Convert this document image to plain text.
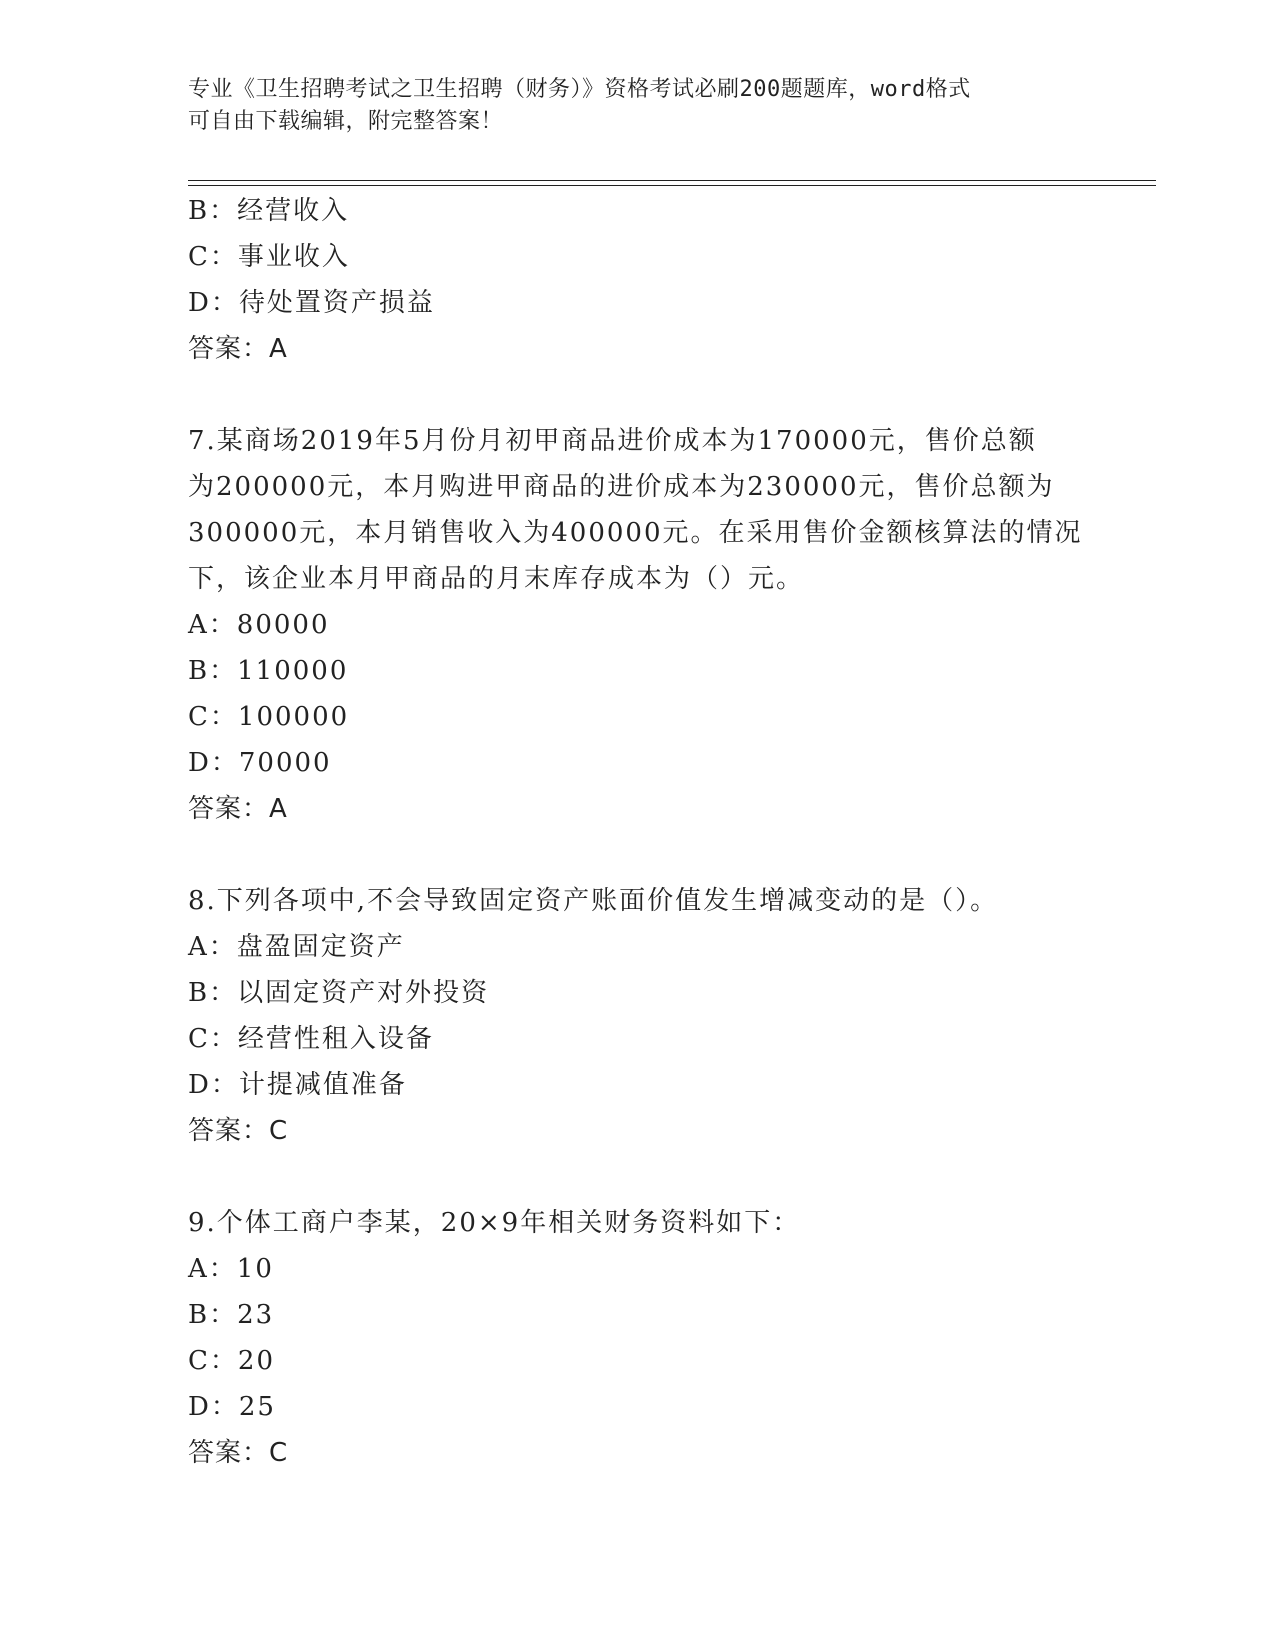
专业《卫生招聘考试之卫生招聘（财务）》资格考试必刷200题题库，word格式
可自由下载编辑，附完整答案！
B：经营收入
C：事业收入
D：待处置资产损益
答案：A
7.某商场2019年5月份月初甲商品进价成本为170000元，售价总额
为200000元，本月购进甲商品的进价成本为230000元，售价总额为
300000元，本月销售收入为400000元。在采用售价金额核算法的情况
下，该企业本月甲商品的月末库存成本为（）元。
A：80000
B：110000
C：100000
D：70000
答案：A
8.下列各项中,不会导致固定资产账面价值发生增减变动的是（）。
A：盘盈固定资产
B：以固定资产对外投资
C：经营性租入设备
D：计提减值准备
答案：C
9.个体工商户李某，20×9年相关财务资料如下：
A：10
B：23
C：20
D：25
答案：C
